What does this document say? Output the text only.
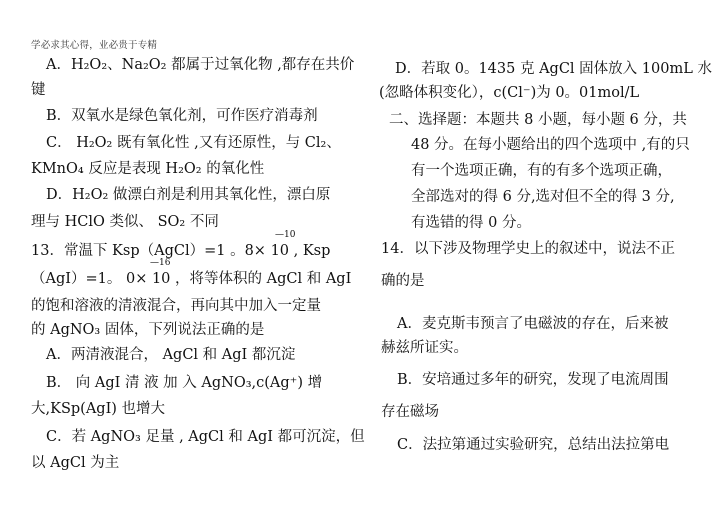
学必求其心得，业必贵于专精
A．H₂O₂、Na₂O₂ 都属于过氧化物 ,都存在共价
键
B．双氧水是绿色氧化剂，可作医疗消毒剂
C． H₂O₂ 既有氧化性 ,又有还原性，与 Cl₂、
KMnO₄ 反应是表现 H₂O₂ 的氧化性
D．H₂O₂ 做漂白剂是利用其氧化性，漂白原
理与 HClO 类似、 SO₂ 不同
—10
13．常温下 Ksp（AgCl）=1 。8× 10 , Ksp
—16
（AgI）=1。 0× 10 ，将等体积的 AgCl 和 AgI
的饱和溶液的清液混合，再向其中加入一定量
的 AgNO₃ 固体，下列说法正确的是
A．两清液混合， AgCl 和 AgI 都沉淀
B． 向 AgI 清 液 加 入 AgNO₃,c(Ag⁺) 增
大,KSp(AgI) 也增大
C．若 AgNO₃ 足量 , AgCl 和 AgI 都可沉淀，但
以 AgCl 为主
D．若取 0。1435 克 AgCl 固体放入 100mL 水
(忽略体积变化），c(Cl⁻)为 0。01mol/L
二、选择题：本题共 8 小题，每小题 6 分，共
48 分。在每小题给出的四个选项中 ,有的只
有一个选项正确，有的有多个选项正确，
全部选对的得 6 分,选对但不全的得 3 分,
有选错的得 0 分。
14．以下涉及物理学史上的叙述中，说法不正
确的是
A．麦克斯韦预言了电磁波的存在，后来被
赫兹所证实。
B．安培通过多年的研究，发现了电流周围
存在磁场
C．法拉第通过实验研究，总结出法拉第电
